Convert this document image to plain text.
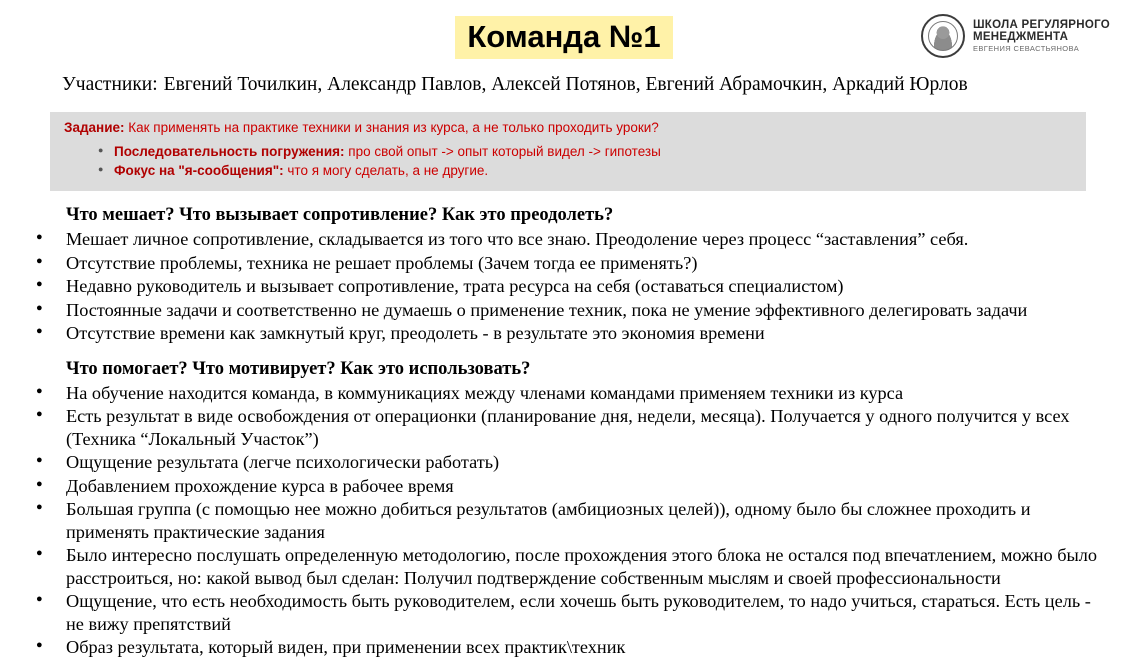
Команда №1	ШКОЛА РЕГУЛЯРНОГО
МЕНЕДЖМЕНТА
ЕВГЕНИЯ СЕВАСТЬЯНОВА
Участники: Евгений Точилкин, Александр Павлов, Алексей Потянов, Евгений Абрамочкин, Аркадий Юрлов
Задание: Как применять на практике техники и знания из курса, а не только проходить уроки?
● Последовательность погружения: про свой опыт -> опыт который видел -> гипотезы
● Фокус на "я-сообщения": что я могу сделать, а не другие.
Что мешает? Что вызывает сопротивление? Как это преодолеть?
● Мешает личное сопротивление, складывается из того что все знаю. Преодоление через процесс “заставления” себя.
● Отсутствие проблемы, техника не решает проблемы (Зачем тогда ее применять?)
● Недавно руководитель и вызывает сопротивление, трата ресурса на себя (оставаться специалистом)
● Постоянные задачи и соответственно не думаешь о применение техник, пока не умение эффективного делегировать задачи
● Отсутствие времени как замкнутый круг, преодолеть - в результате это экономия времени
Что помогает? Что мотивирует? Как это использовать?
● На обучение находится команда, в коммуникациях между членами командами применяем техники из курса
● Есть результат в виде освобождения от операционки (планирование дня, недели, месяца). Получается у одного получится у всех (Техника “Локальный Участок”)
● Ощущение результата (легче психологически работать)
● Добавлением прохождение курса в рабочее время
● Большая группа (с помощью нее можно добиться результатов (амбициозных целей)), одному было бы сложнее проходить и применять практические задания
● Было интересно послушать определенную методологию, после прохождения этого блока не остался под впечатлением, можно было расстроиться, но: какой вывод был сделан: Получил подтверждение собственным мыслям и своей профессиональности
● Ощущение, что есть необходимость быть руководителем, если хочешь быть руководителем, то надо учиться, стараться. Есть цель - не вижу препятствий
● Образ результата, который виден, при применении всех практик\техник
